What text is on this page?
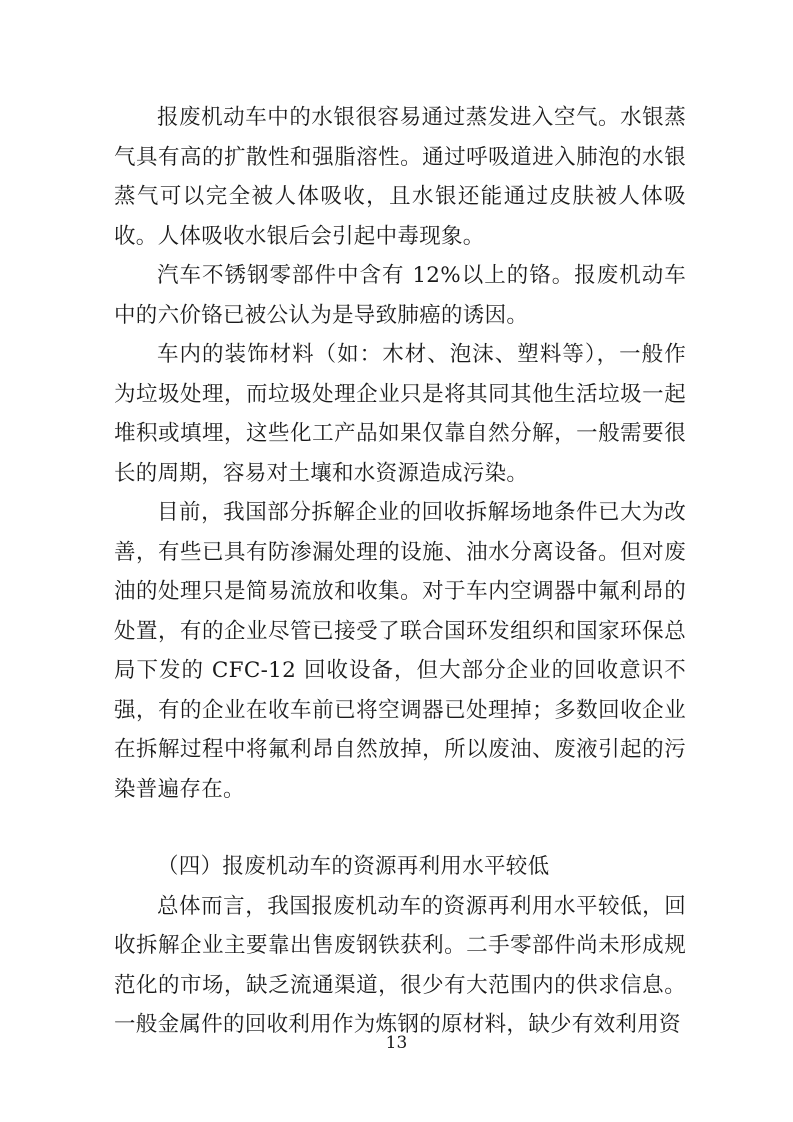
报废机动车中的水银很容易通过蒸发进入空气。水银蒸气具有高的扩散性和强脂溶性。通过呼吸道进入肺泡的水银蒸气可以完全被人体吸收，且水银还能通过皮肤被人体吸收。人体吸收水银后会引起中毒现象。

汽车不锈钢零部件中含有 12%以上的铬。报废机动车中的六价铬已被公认为是导致肺癌的诱因。

车内的装饰材料（如：木材、泡沫、塑料等），一般作为垃圾处理，而垃圾处理企业只是将其同其他生活垃圾一起堆积或填埋，这些化工产品如果仅靠自然分解，一般需要很长的周期，容易对土壤和水资源造成污染。

目前，我国部分拆解企业的回收拆解场地条件已大为改善，有些已具有防渗漏处理的设施、油水分离设备。但对废油的处理只是简易流放和收集。对于车内空调器中氟利昂的处置，有的企业尽管已接受了联合国环发组织和国家环保总局下发的 CFC-12 回收设备，但大部分企业的回收意识不强，有的企业在收车前已将空调器已处理掉；多数回收企业在拆解过程中将氟利昂自然放掉，所以废油、废液引起的污染普遍存在。

（四）报废机动车的资源再利用水平较低

总体而言，我国报废机动车的资源再利用水平较低，回收拆解企业主要靠出售废钢铁获利。二手零部件尚未形成规范化的市场，缺乏流通渠道，很少有大范围内的供求信息。一般金属件的回收利用作为炼钢的原材料，缺少有效利用资

13
